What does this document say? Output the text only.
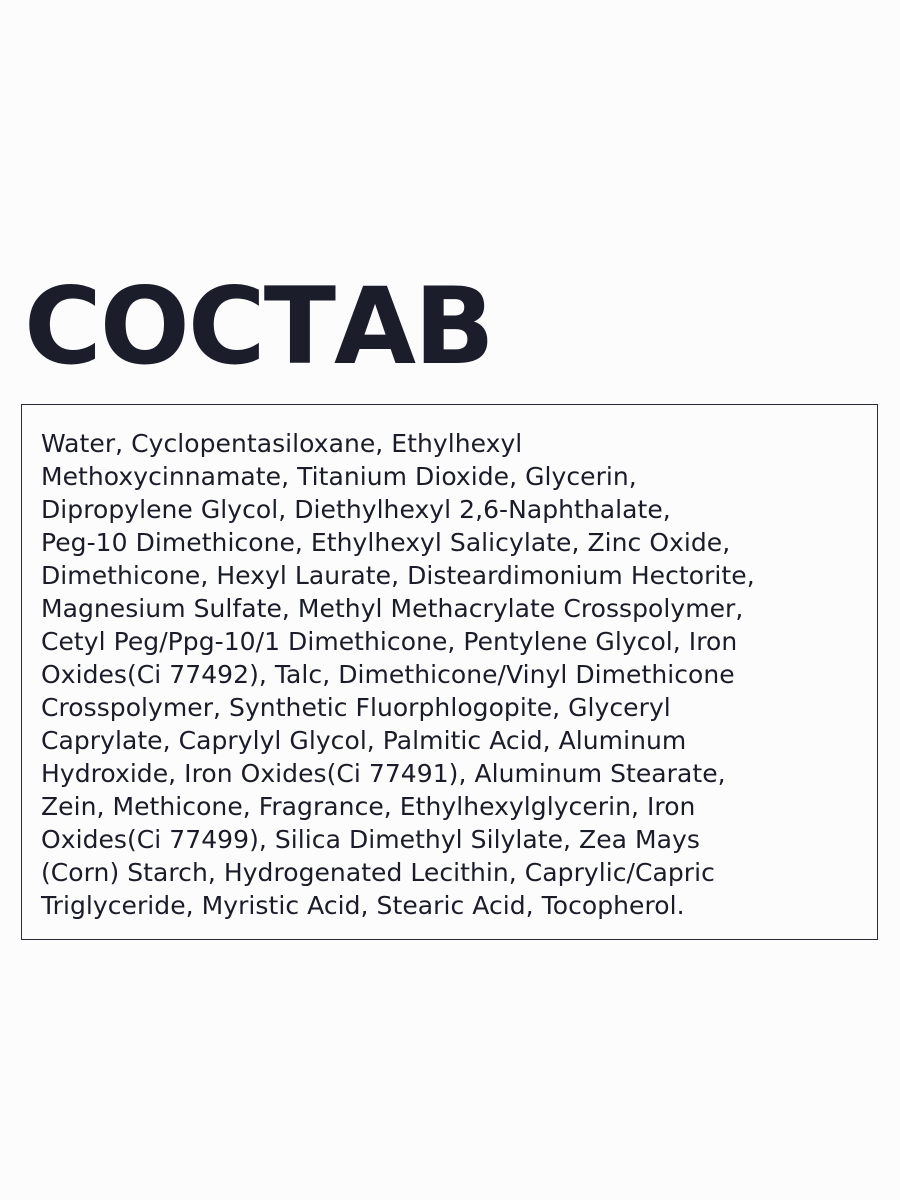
СОСТАВ
Water, Cyclopentasiloxane, Ethylhexyl
Methoxycinnamate, Titanium Dioxide, Glycerin,
Dipropylene Glycol, Diethylhexyl 2,6-Naphthalate,
Peg-10 Dimethicone, Ethylhexyl Salicylate, Zinc Oxide,
Dimethicone, Hexyl Laurate, Disteardimonium Hectorite,
Magnesium Sulfate, Methyl Methacrylate Crosspolymer,
Cetyl Peg/Ppg-10/1 Dimethicone, Pentylene Glycol, Iron
Oxides(Ci 77492), Talc, Dimethicone/Vinyl Dimethicone
Crosspolymer, Synthetic Fluorphlogopite, Glyceryl
Caprylate, Caprylyl Glycol, Palmitic Acid, Aluminum
Hydroxide, Iron Oxides(Ci 77491), Aluminum Stearate,
Zein, Methicone, Fragrance, Ethylhexylglycerin, Iron
Oxides(Ci 77499), Silica Dimethyl Silylate, Zea Mays
(Corn) Starch, Hydrogenated Lecithin, Caprylic/Capric
Triglyceride, Myristic Acid, Stearic Acid, Tocopherol.
